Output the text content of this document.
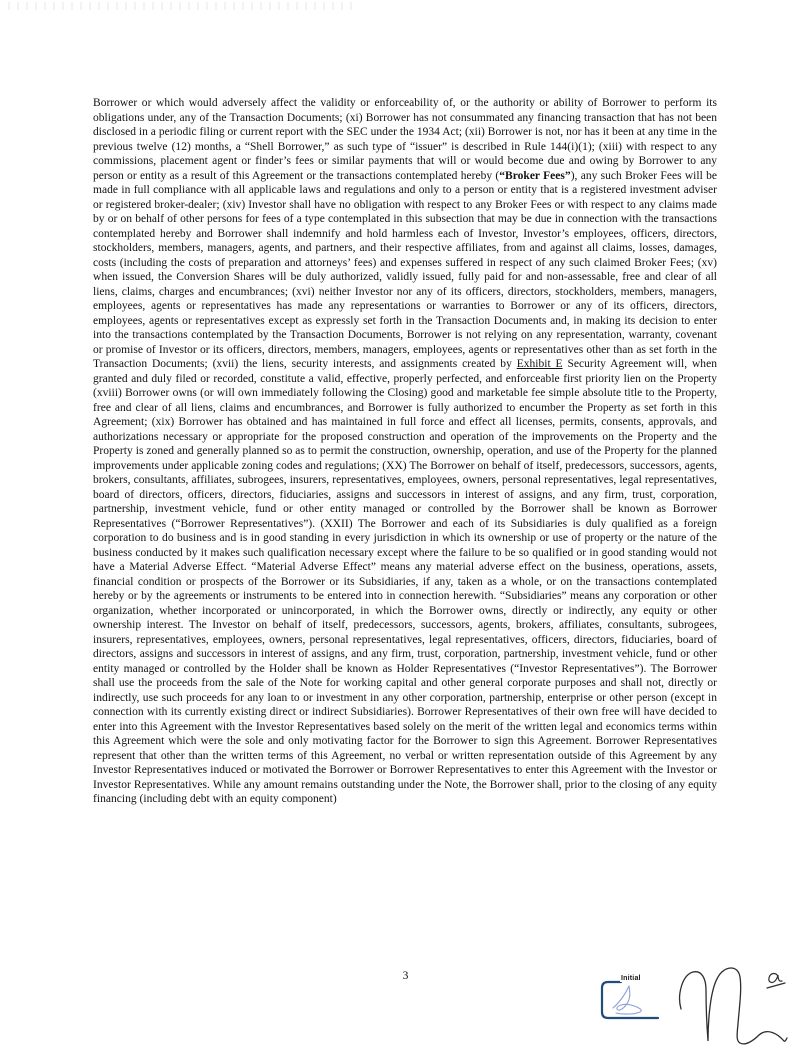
Borrower or which would adversely affect the validity or enforceability of, or the authority or ability of Borrower to perform its obligations under, any of the Transaction Documents; (xi) Borrower has not consummated any financing transaction that has not been disclosed in a periodic filing or current report with the SEC under the 1934 Act; (xii) Borrower is not, nor has it been at any time in the previous twelve (12) months, a “Shell Borrower,” as such type of “issuer” is described in Rule 144(i)(1); (xiii) with respect to any commissions, placement agent or finder’s fees or similar payments that will or would become due and owing by Borrower to any person or entity as a result of this Agreement or the transactions contemplated hereby (“Broker Fees”), any such Broker Fees will be made in full compliance with all applicable laws and regulations and only to a person or entity that is a registered investment adviser or registered broker-dealer; (xiv) Investor shall have no obligation with respect to any Broker Fees or with respect to any claims made by or on behalf of other persons for fees of a type contemplated in this subsection that may be due in connection with the transactions contemplated hereby and Borrower shall indemnify and hold harmless each of Investor, Investor’s employees, officers, directors, stockholders, members, managers, agents, and partners, and their respective affiliates, from and against all claims, losses, damages, costs (including the costs of preparation and attorneys’ fees) and expenses suffered in respect of any such claimed Broker Fees; (xv) when issued, the Conversion Shares will be duly authorized, validly issued, fully paid for and non-assessable, free and clear of all liens, claims, charges and encumbrances; (xvi) neither Investor nor any of its officers, directors, stockholders, members, managers, employees, agents or representatives has made any representations or warranties to Borrower or any of its officers, directors, employees, agents or representatives except as expressly set forth in the Transaction Documents and, in making its decision to enter into the transactions contemplated by the Transaction Documents, Borrower is not relying on any representation, warranty, covenant or promise of Investor or its officers, directors, members, managers, employees, agents or representatives other than as set forth in the Transaction Documents; (xvii) the liens, security interests, and assignments created by Exhibit E Security Agreement will, when granted and duly filed or recorded, constitute a valid, effective, properly perfected, and enforceable first priority lien on the Property (xviii) Borrower owns (or will own immediately following the Closing) good and marketable fee simple absolute title to the Property, free and clear of all liens, claims and encumbrances, and Borrower is fully authorized to encumber the Property as set forth in this Agreement; (xix) Borrower has obtained and has maintained in full force and effect all licenses, permits, consents, approvals, and authorizations necessary or appropriate for the proposed construction and operation of the improvements on the Property and the Property is zoned and generally planned so as to permit the construction, ownership, operation, and use of the Property for the planned improvements under applicable zoning codes and regulations; (XX) The Borrower on behalf of itself, predecessors, successors, agents, brokers, consultants, affiliates, subrogees, insurers, representatives, employees, owners, personal representatives, legal representatives, board of directors, officers, directors, fiduciaries, assigns and successors in interest of assigns, and any firm, trust, corporation, partnership, investment vehicle, fund or other entity managed or controlled by the Borrower shall be known as Borrower Representatives (“Borrower Representatives”). (XXII) The Borrower and each of its Subsidiaries is duly qualified as a foreign corporation to do business and is in good standing in every jurisdiction in which its ownership or use of property or the nature of the business conducted by it makes such qualification necessary except where the failure to be so qualified or in good standing would not have a Material Adverse Effect. “Material Adverse Effect” means any material adverse effect on the business, operations, assets, financial condition or prospects of the Borrower or its Subsidiaries, if any, taken as a whole, or on the transactions contemplated hereby or by the agreements or instruments to be entered into in connection herewith. “Subsidiaries” means any corporation or other organization, whether incorporated or unincorporated, in which the Borrower owns, directly or indirectly, any equity or other ownership interest. The Investor on behalf of itself, predecessors, successors, agents, brokers, affiliates, consultants, subrogees, insurers, representatives, employees, owners, personal representatives, legal representatives, officers, directors, fiduciaries, board of directors, assigns and successors in interest of assigns, and any firm, trust, corporation, partnership, investment vehicle, fund or other entity managed or controlled by the Holder shall be known as Holder Representatives (“Investor Representatives”). The Borrower shall use the proceeds from the sale of the Note for working capital and other general corporate purposes and shall not, directly or indirectly, use such proceeds for any loan to or investment in any other corporation, partnership, enterprise or other person (except in connection with its currently existing direct or indirect Subsidiaries). Borrower Representatives of their own free will have decided to enter into this Agreement with the Investor Representatives based solely on the merit of the written legal and economics terms within this Agreement which were the sole and only motivating factor for the Borrower to sign this Agreement. Borrower Representatives represent that other than the written terms of this Agreement, no verbal or written representation outside of this Agreement by any Investor Representatives induced or motivated the Borrower or Borrower Representatives to enter this Agreement with the Investor or Investor Representatives. While any amount remains outstanding under the Note, the Borrower shall, prior to the closing of any equity financing (including debt with an equity component)
3	Initial
